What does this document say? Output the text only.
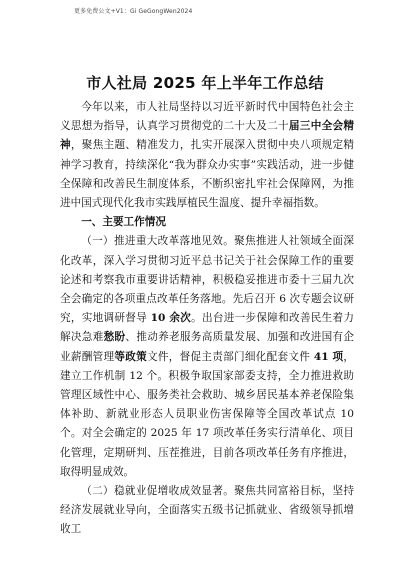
更多免费公文+V1：Gi GeGongWen2024
市人社局 2025 年上半年工作总结

今年以来，市人社局坚持以习近平新时代中国特色社会主义思想为指导，认真学习贯彻党的二十大及二十届三中全会精神，聚焦主题、精准发力，扎实开展深入贯彻中央八项规定精神学习教育，持续深化“我为群众办实事”实践活动，进一步健全保障和改善民生制度体系，不断织密扎牢社会保障网，为推进中国式现代化我市实践厚植民生温度、提升幸福指数。

一、主要工作情况

（一）推进重大改革落地见效。聚焦推进人社领域全面深化改革，深入学习贯彻习近平总书记关于社会保障工作的重要论述和考察我市重要讲话精神，积极稳妥推进市委十三届九次全会确定的各项重点改革任务落地。先后召开 6 次专题会议研究，实地调研督导 10 余次。出台进一步保障和改善民生着力解决急难愁盼、推动养老服务高质量发展、加强和改进国有企业薪酬管理等政策文件，督促主责部门细化配套文件 41 项，建立工作机制 12 个。积极争取国家部委支持，全力推进救助管理区域性中心、服务类社会救助、城乡居民基本养老保险集体补助、新就业形态人员职业伤害保障等全国改革试点 10 个。对全会确定的 2025 年 17 项改革任务实行清单化、项目化管理，定期研判、压茬推进，目前各项改革任务有序推进，取得明显成效。

（二）稳就业促增收成效显著。聚焦共同富裕目标，坚持经济发展就业导向，全面落实五级书记抓就业、省级领导抓增收工
